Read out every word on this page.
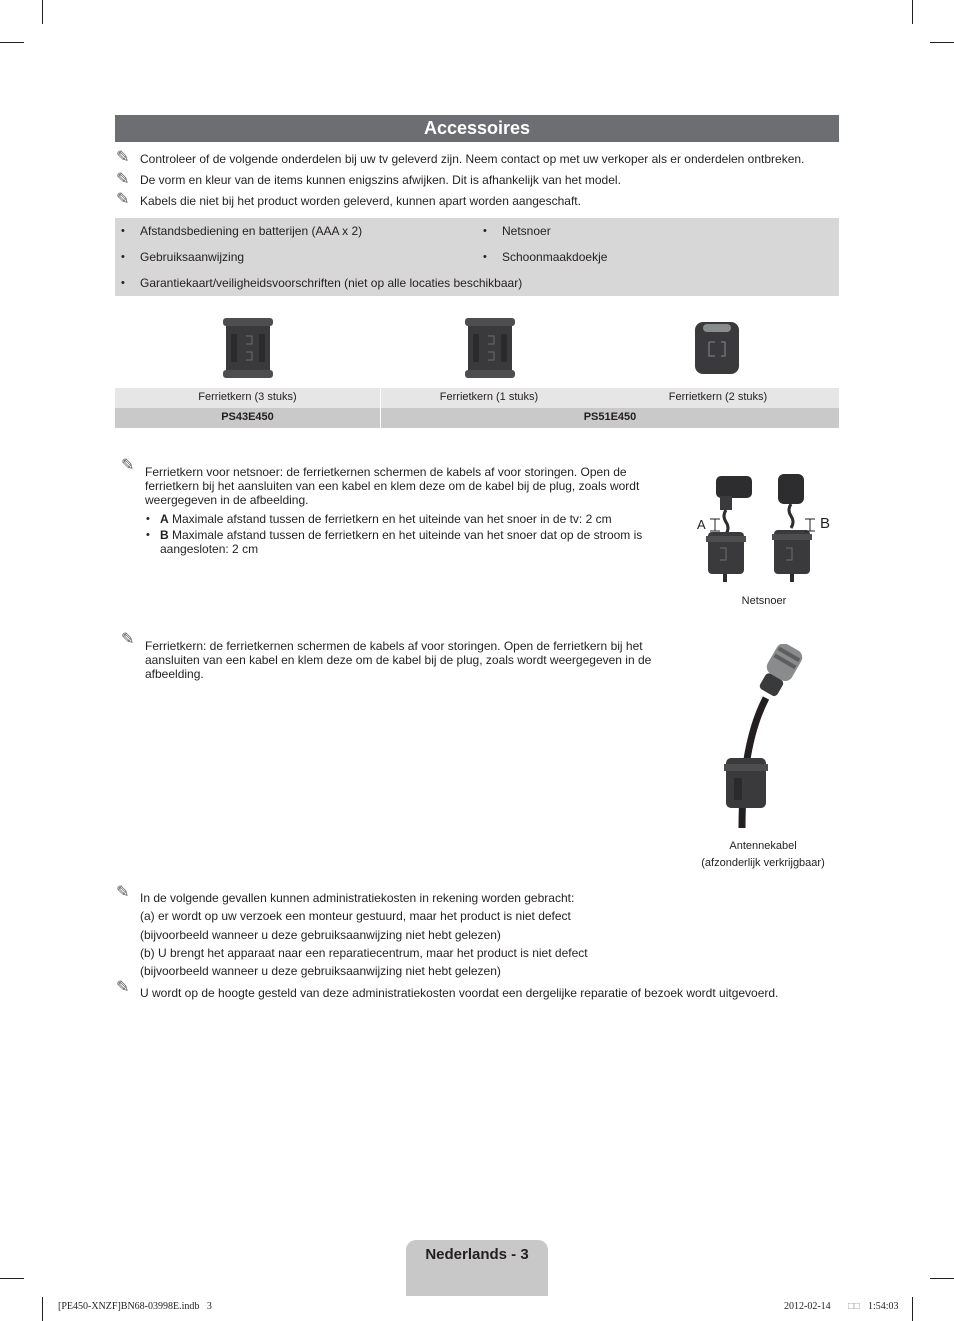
Accessoires
✎ Controleer of de volgende onderdelen bij uw tv geleverd zijn. Neem contact op met uw verkoper als er onderdelen ontbreken.
✎ De vorm en kleur van de items kunnen enigszins afwijken. Dit is afhankelijk van het model.
✎ Kabels die niet bij het product worden geleverd, kunnen apart worden aangeschaft.
• Afstandsbediening en batterijen (AAA x 2)
• Gebruiksaanwijzing
• Garantiekaart/veiligheidsvoorschriften (niet op alle locaties beschikbaar)
• Netsnoer
• Schoonmaakdoekje
Ferrietkern (3 stuks)	Ferrietkern (1 stuks)	Ferrietkern (2 stuks)
PS43E450	PS51E450
✎ Ferrietkern voor netsnoer: de ferrietkernen schermen de kabels af voor storingen. Open de ferrietkern bij het aansluiten van een kabel en klem deze om de kabel bij de plug, zoals wordt weergegeven in de afbeelding.
• A Maximale afstand tussen de ferrietkern en het uiteinde van het snoer in de tv: 2 cm
• B Maximale afstand tussen de ferrietkern en het uiteinde van het snoer dat op de stroom is aangesloten: 2 cm
A	B
Netsnoer
✎ Ferrietkern: de ferrietkernen schermen de kabels af voor storingen. Open de ferrietkern bij het aansluiten van een kabel en klem deze om de kabel bij de plug, zoals wordt weergegeven in de afbeelding.
Antennekabel
(afzonderlijk verkrijgbaar)
✎ In de volgende gevallen kunnen administratiekosten in rekening worden gebracht:
(a) er wordt op uw verzoek een monteur gestuurd, maar het product is niet defect
(bijvoorbeeld wanneer u deze gebruiksaanwijzing niet hebt gelezen)
(b) U brengt het apparaat naar een reparatiecentrum, maar het product is niet defect
(bijvoorbeeld wanneer u deze gebruiksaanwijzing niet hebt gelezen)
✎ U wordt op de hoogte gesteld van deze administratiekosten voordat een dergelijke reparatie of bezoek wordt uitgevoerd.
Nederlands - 3
[PE450-XNZF]BN68-03998E.indb   3	2012-02-14 □□ 1:54:03
